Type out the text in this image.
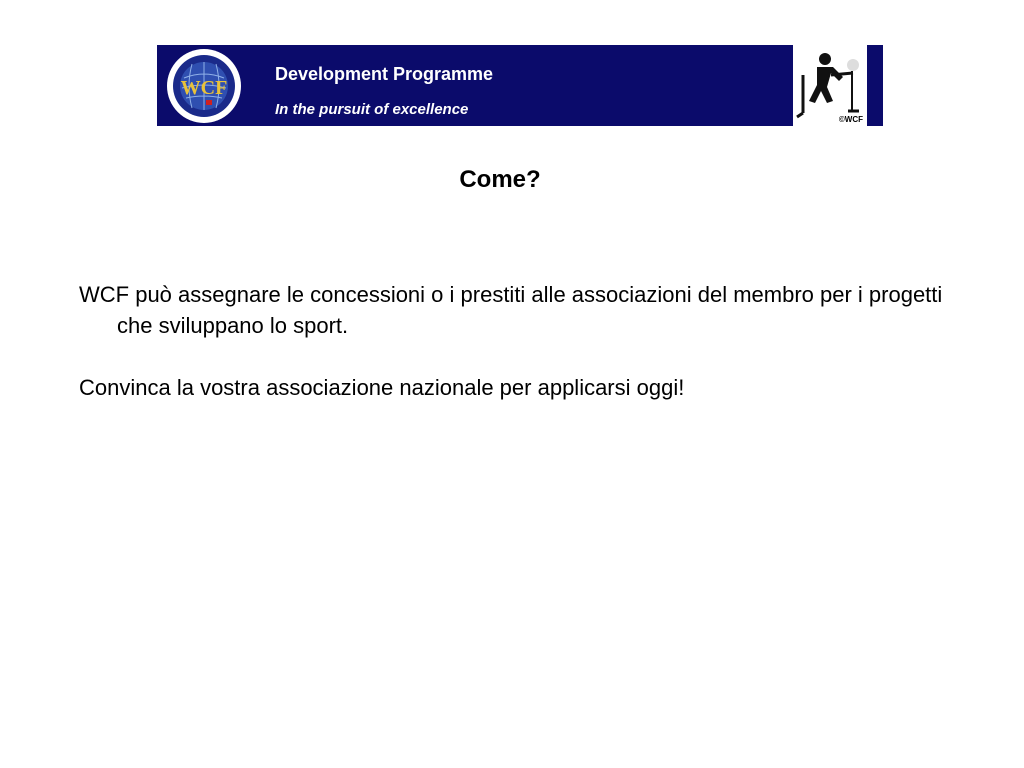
WCF
Development Programme
In the pursuit of excellence
©WCF
Come?

WCF può assegnare le concessioni o i prestiti alle associazioni del membro per i progetti che sviluppano lo sport.

Convinca la vostra associazione nazionale per applicarsi oggi!
